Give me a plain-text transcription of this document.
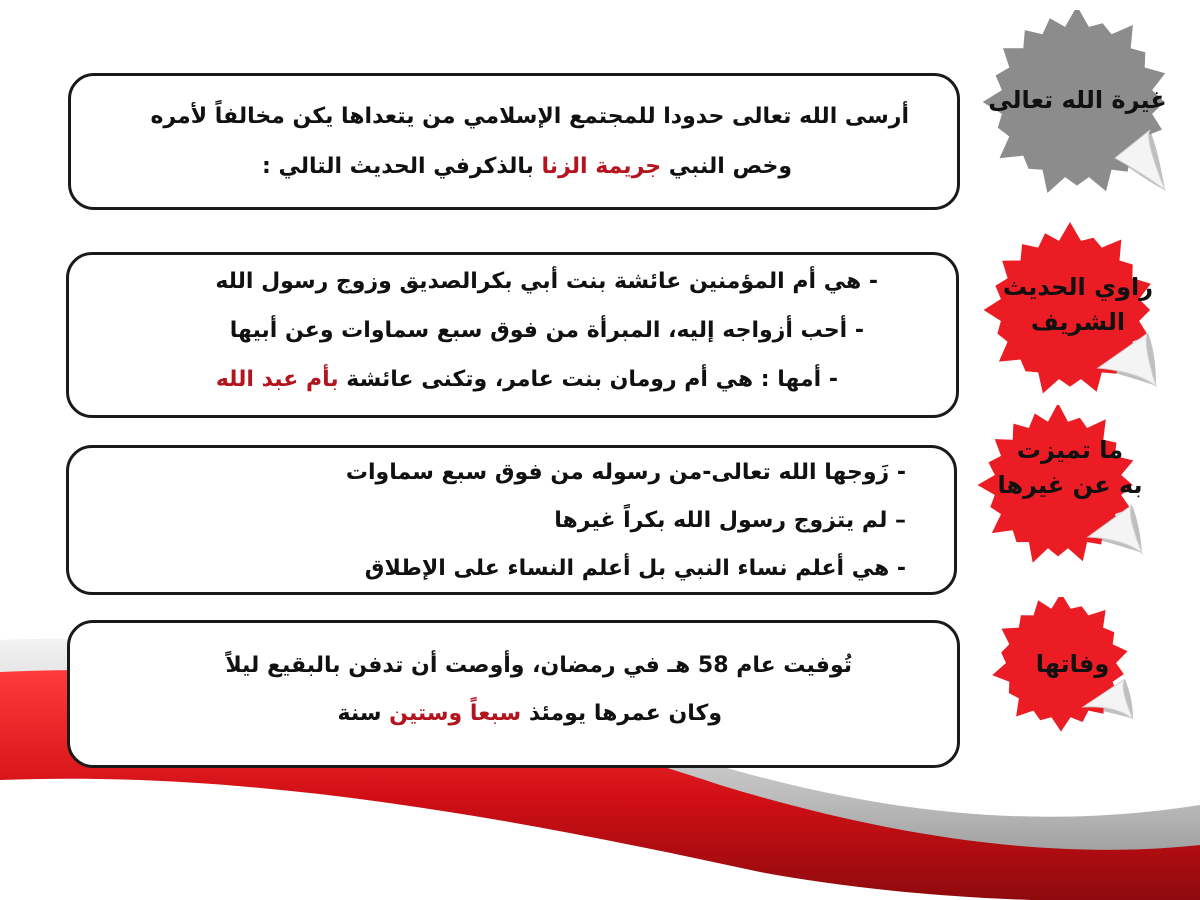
أرسى الله تعالى حدودا للمجتمع الإسلامي من يتعداها يكن مخالفاً لأمره
وخص النبي جريمة الزنا بالذكرفي الحديث التالي :
- هي أم المؤمنين عائشة بنت أبي بكرالصديق وزوج رسول الله
- أحب أزواجه إليه، المبرأة من فوق سبع سماوات وعن أبيها
- أمها : هي أم رومان بنت عامر، وتكنى عائشة بأم عبد الله
- زَوجها الله تعالى-من رسوله من فوق سبع سماوات
– لم يتزوج رسول الله بكراً غيرها
- هي أعلم نساء النبي بل أعلم النساء على الإطلاق
تُوفيت عام 58 هـ في رمضان، وأوصت أن تدفن بالبقيع ليلاً
وكان عمرها يومئذ سبعاً وستين سنة
غيرة الله تعالى
راوي الحديث
الشريف
ما تميزت
به عن غيرها
وفاتها
